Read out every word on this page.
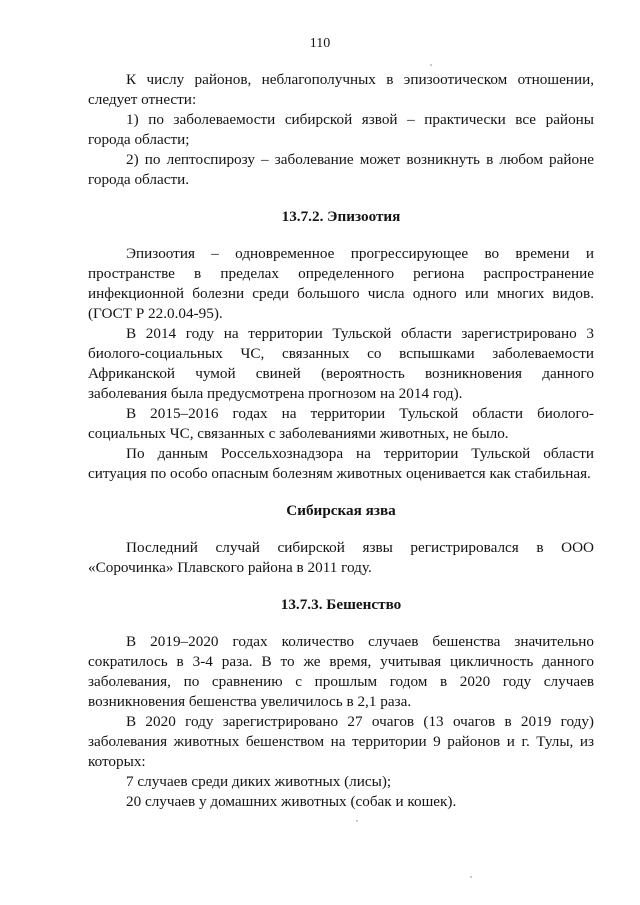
110

К числу районов, неблагополучных в эпизоотическом отношении, следует отнести:

1) по заболеваемости сибирской язвой – практически все районы города области;

2) по лептоспирозу – заболевание может возникнуть в любом районе города области.

13.7.2. Эпизоотия

Эпизоотия – одновременное прогрессирующее во времени и пространстве в пределах определенного региона распространение инфекционной болезни среди большого числа одного или многих видов. (ГОСТ Р 22.0.04-95).

В 2014 году на территории Тульской области зарегистрировано 3 биолого-социальных ЧС, связанных со вспышками заболеваемости Африканской чумой свиней (вероятность возникновения данного заболевания была предусмотрена прогнозом на 2014 год).

В 2015–2016 годах на территории Тульской области биолого-социальных ЧС, связанных с заболеваниями животных, не было.

По данным Россельхознадзора на территории Тульской области ситуация по особо опасным болезням животных оценивается как стабильная.

Сибирская язва

Последний случай сибирской язвы регистрировался в ООО «Сорочинка» Плавского района в 2011 году.

13.7.3. Бешенство

В 2019–2020 годах количество случаев бешенства значительно сократилось в 3-4 раза. В то же время, учитывая цикличность данного заболевания, по сравнению с прошлым годом в 2020 году случаев возникновения бешенства увеличилось в 2,1 раза.

В 2020 году зарегистрировано 27 очагов (13 очагов в 2019 году) заболевания животных бешенством на территории 9 районов и г. Тулы, из которых:

7 случаев среди диких животных (лисы);

20 случаев у домашних животных (собак и кошек).
